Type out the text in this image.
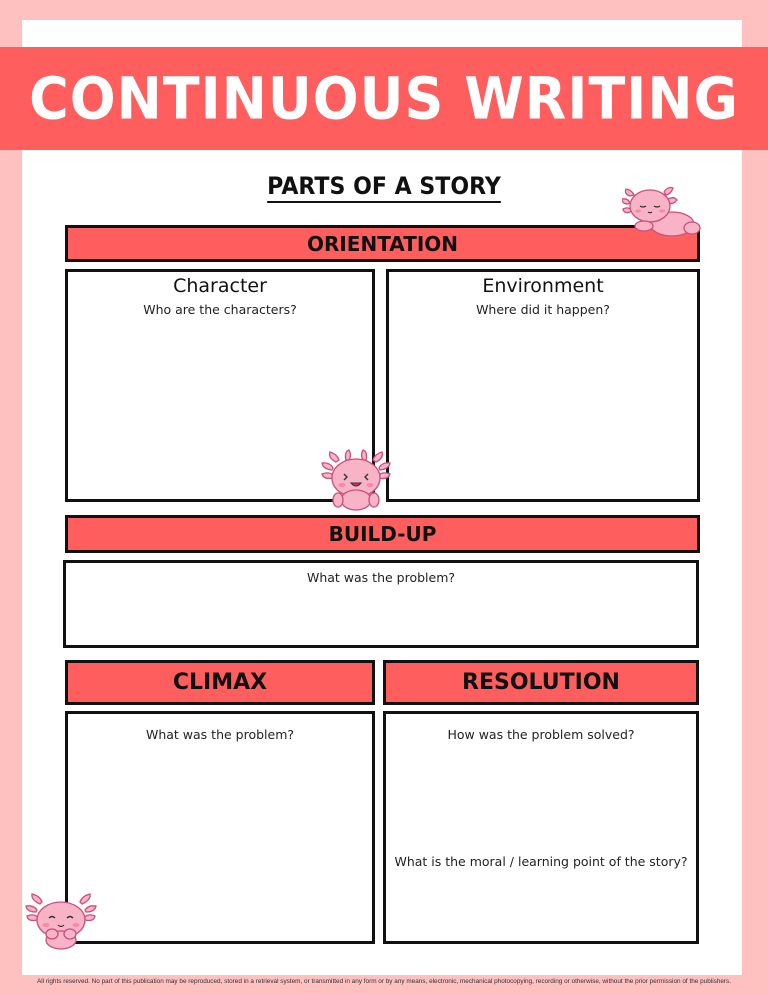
CONTINUOUS WRITING
PARTS OF A STORY
ORIENTATION
Character
Who are the characters?
Environment
Where did it happen?
BUILD-UP
What was the problem?
CLIMAX	RESOLUTION
What was the problem?	How was the problem solved?
What is the moral / learning point of the story?
All rights reserved. No part of this publication may be reproduced, stored in a retrieval system, or transmitted in any form or by any means, electronic, mechanical photocopying, recording or otherwise, without the prior permission of the publishers.
